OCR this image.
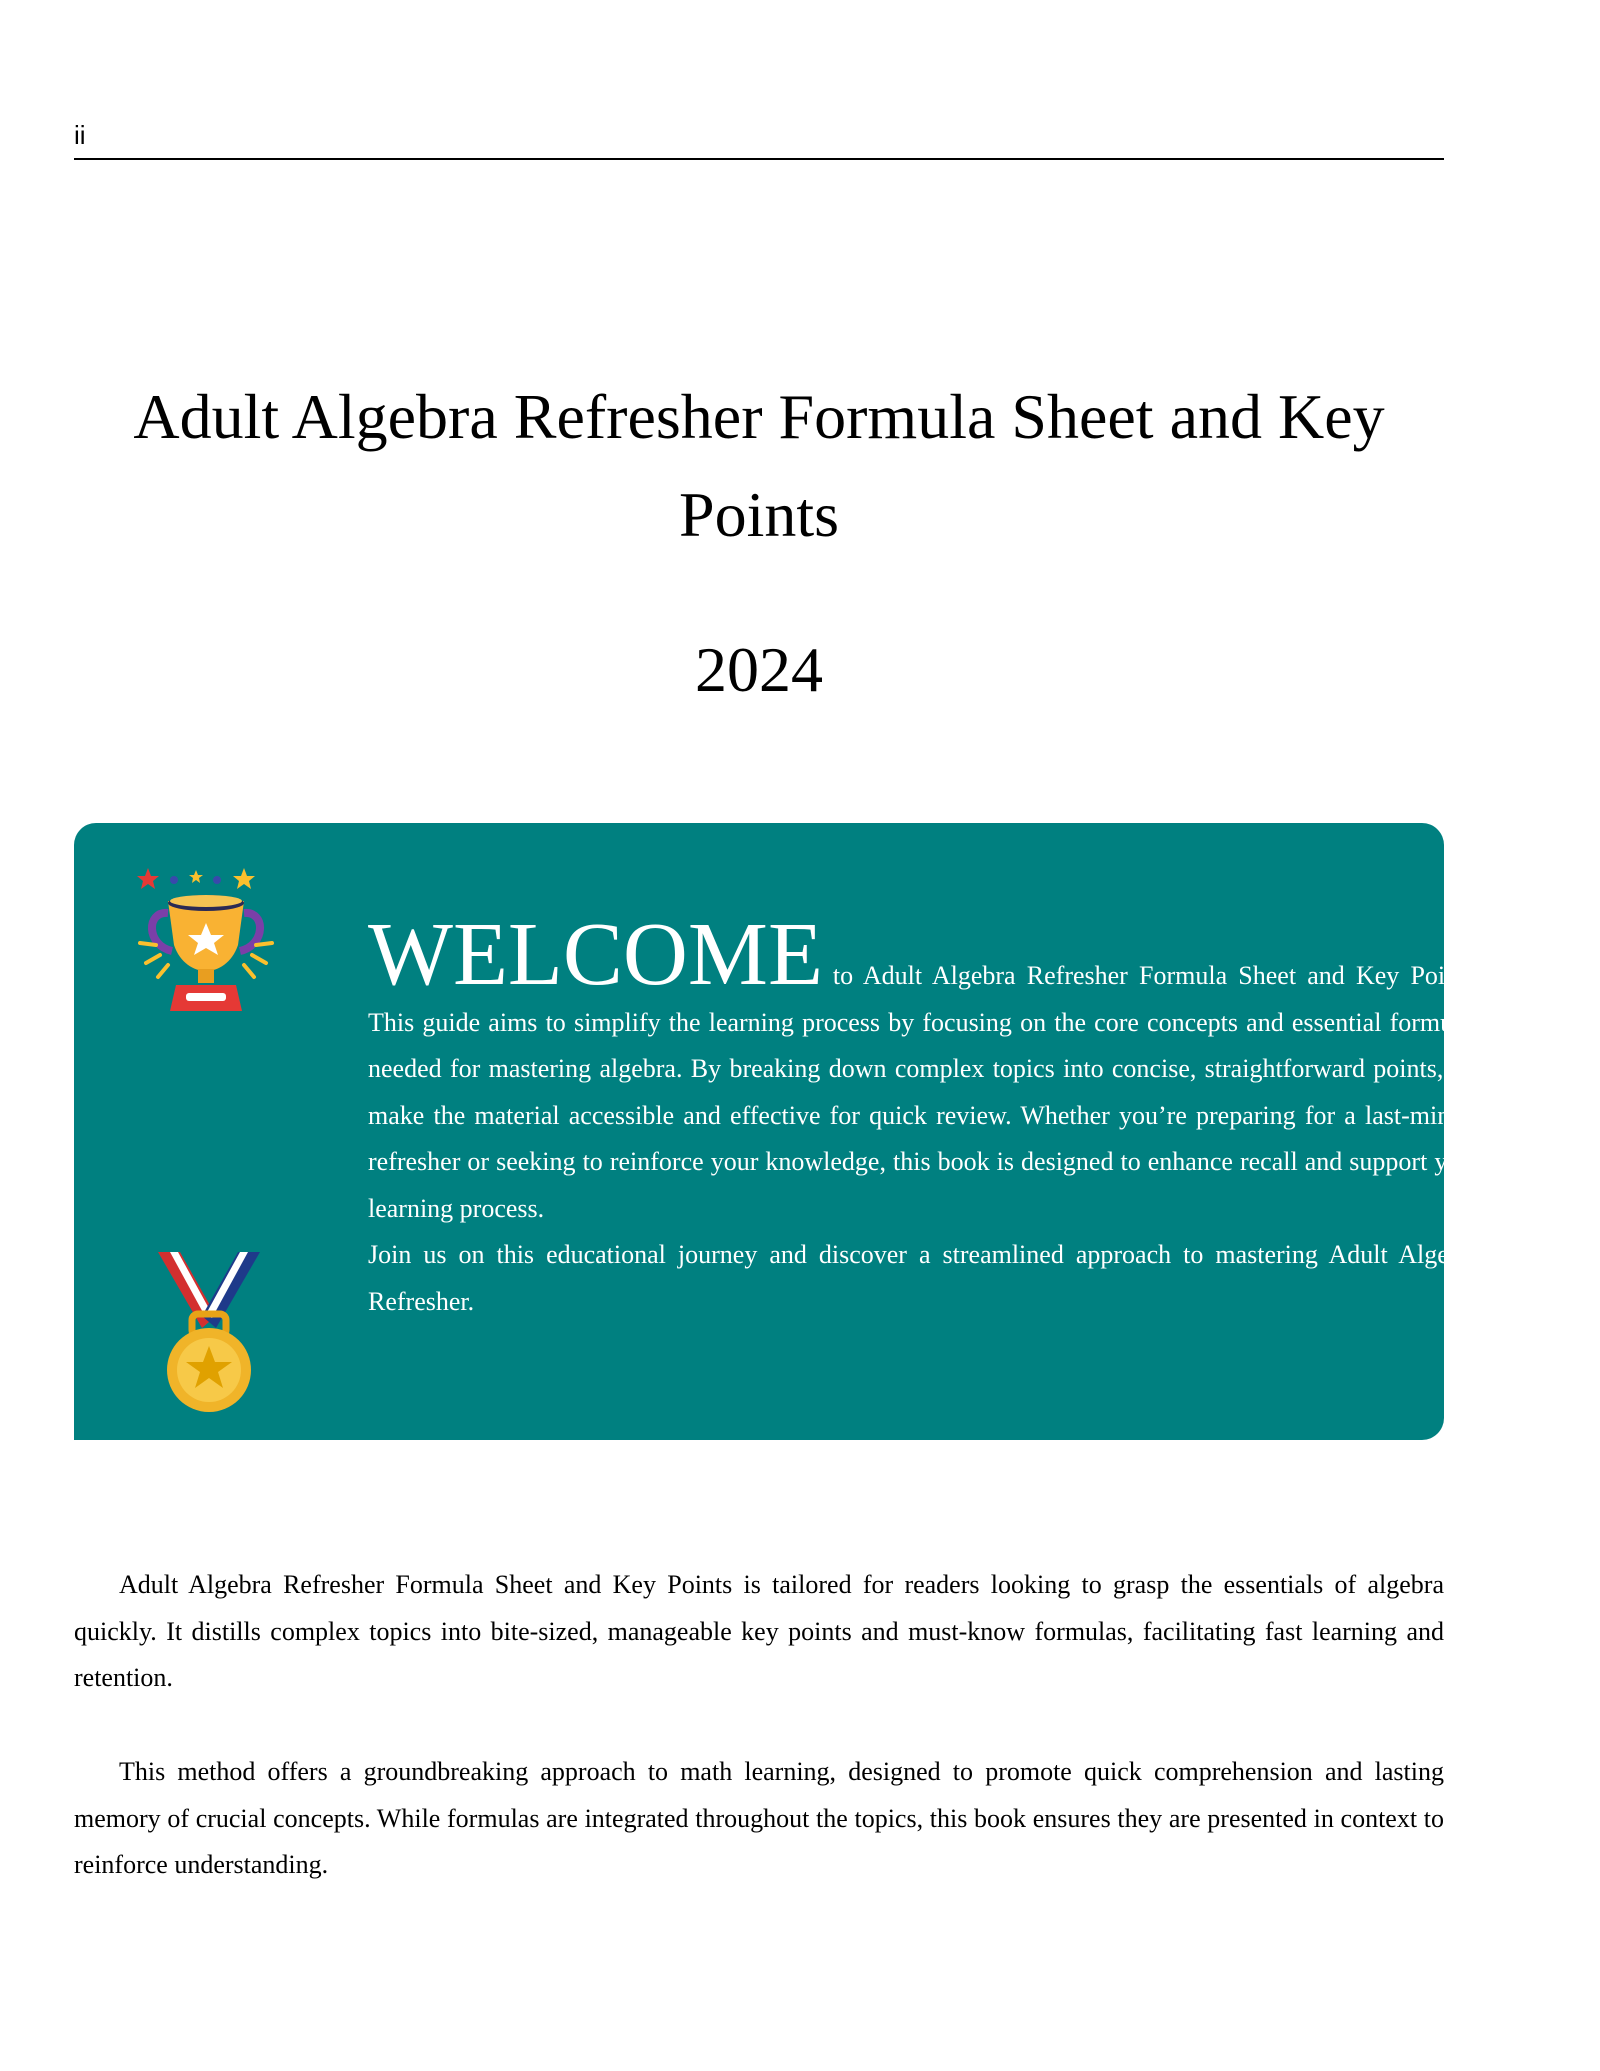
ii
Adult Algebra Refresher Formula Sheet and Key Points
2024

WELCOME to Adult Algebra Refresher Formula Sheet and Key Points. This guide aims to simplify the learning process by focusing on the core concepts and essential formulas needed for mastering algebra. By breaking down complex topics into concise, straightforward points, we make the material accessible and effective for quick review. Whether you’re preparing for a last-minute refresher or seeking to reinforce your knowledge, this book is designed to enhance recall and support your learning process.

Join us on this educational journey and discover a streamlined approach to mastering Adult Algebra Refresher.

Adult Algebra Refresher Formula Sheet and Key Points is tailored for readers looking to grasp the essentials of algebra quickly. It distills complex topics into bite-sized, manageable key points and must-know formulas, facilitating fast learning and retention.

This method offers a groundbreaking approach to math learning, designed to promote quick comprehension and lasting memory of crucial concepts. While formulas are integrated throughout the topics, this book ensures they are presented in context to reinforce understanding.
